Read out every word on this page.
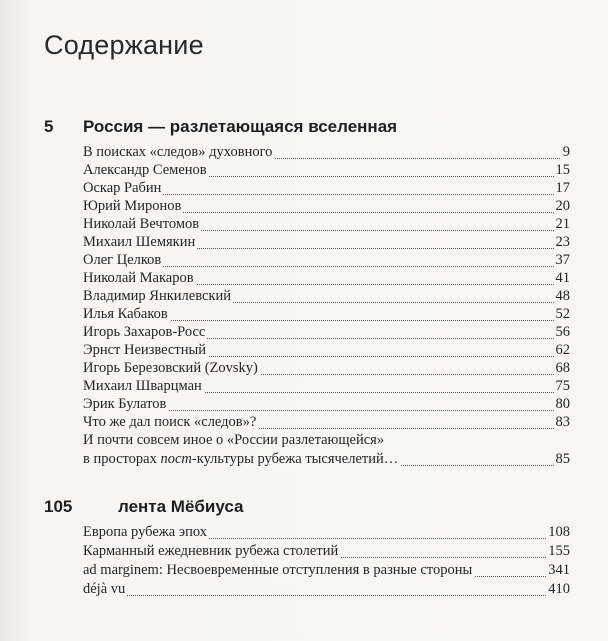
Содержание
5 Россия — разлетающаяся вселенная
В поисках «следов» духовного	9
Александр Семенов	15
Оскар Рабин	17
Юрий Миронов	20
Николай Вечтомов	21
Михаил Шемякин	23
Олег Целков	37
Николай Макаров	41
Владимир Янкилевский	48
Илья Кабаков	52
Игорь Захаров-Росс	56
Эрнст Неизвестный	62
Игорь Березовский (Zovsky)	68
Михаил Шварцман	75
Эрик Булатов	80
Что же дал поиск «следов»?	83
И почти совсем иное о «России разлетающейся»
в просторах пост-культуры рубежа тысячелетий…	85
105	лента Мёбиуса
Европа рубежа эпох	108
Карманный ежедневник рубежа столетий	155
ad marginem: Несвоевременные отступления в разные стороны	341
déjà vu	410
